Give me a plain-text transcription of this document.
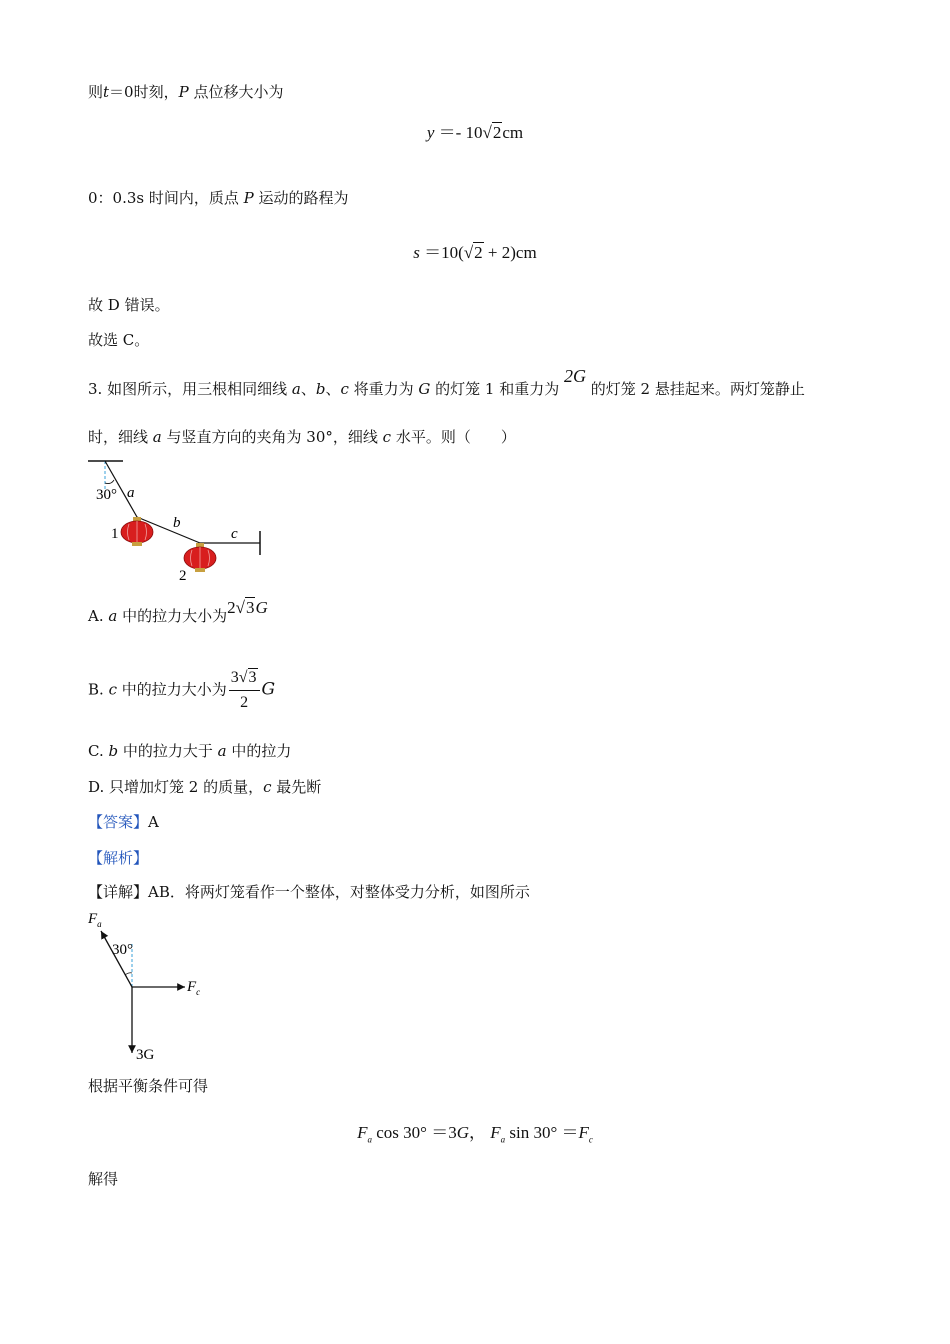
则t＝0时刻，P 点位移大小为
y ＝- 10√2cm
0：0.3s 时间内，质点 P 运动的路程为
s ＝10(√2 + 2)cm
故 D 错误。
故选 C。
3. 如图所示，用三根相同细线 a、b、c 将重力为 G 的灯笼 1 和重力为 2G 的灯笼 2 悬挂起来。两灯笼静止
时，细线 a 与竖直方向的夹角为 30°，细线 c 水平。则（　　）
30° a
b
c
1
2
A. a 中的拉力大小为2√3G
B. c 中的拉力大小为 $\frac{3√3}{2}$ G
C. b 中的拉力大于 a 中的拉力
D. 只增加灯笼 2 的质量，c 最先断
【答案】A
【解析】
【详解】AB．将两灯笼看作一个整体，对整体受力分析，如图所示
$F_a$
30°
$F_c$
3G
根据平衡条件可得
$F_a$ cos 30° ＝3G， $F_a$ $\sin 30^\circ =F_c$
解得
